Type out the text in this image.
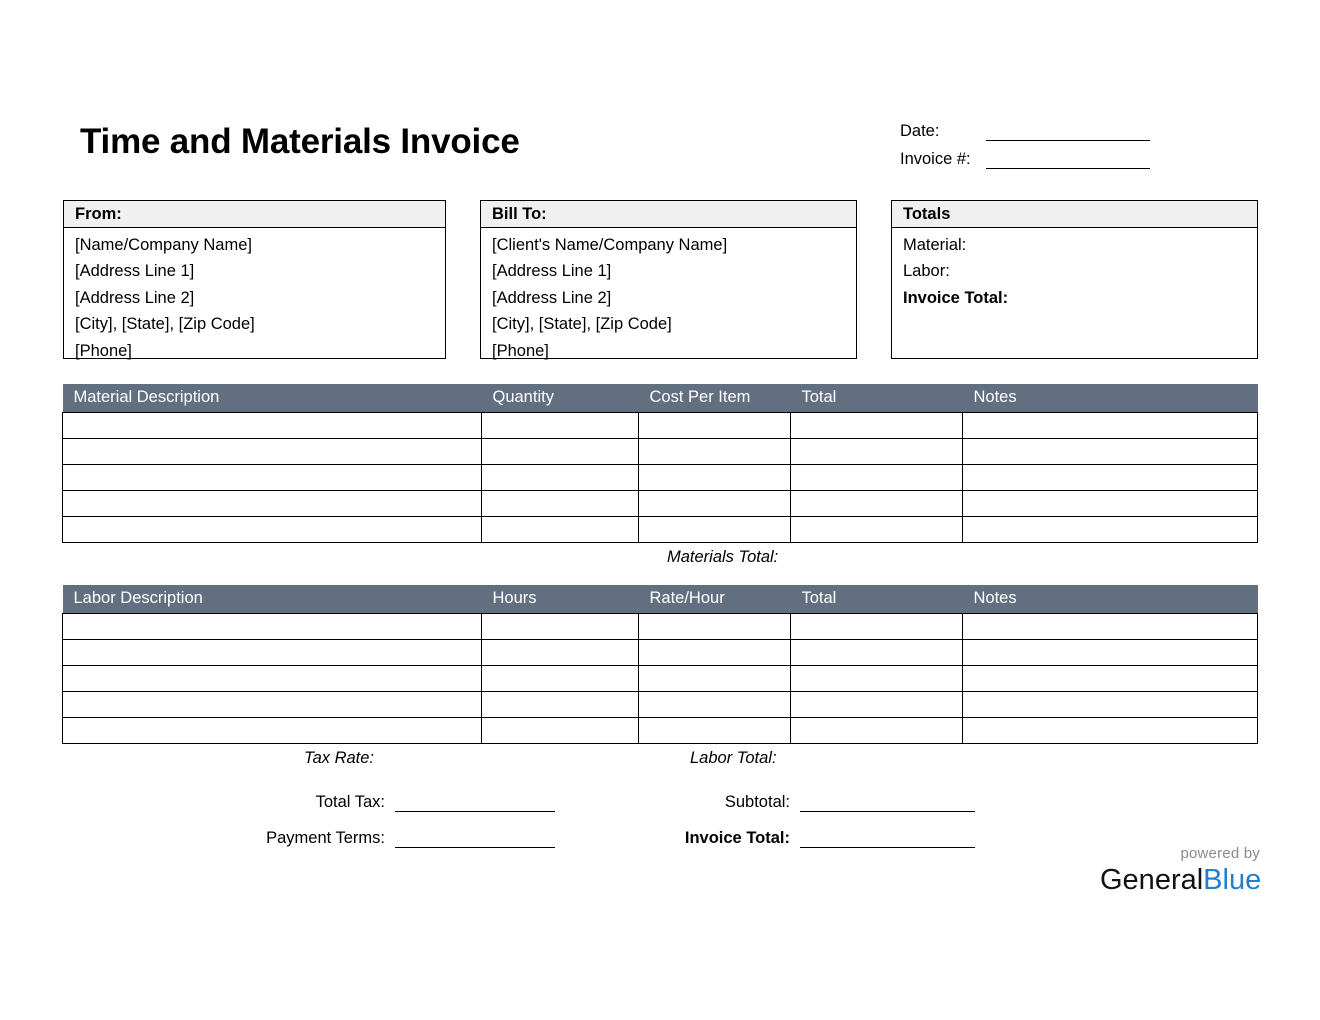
Time and Materials Invoice	Date:
Invoice #:
From:
[Name/Company Name]
[Address Line 1]
[Address Line 2]
[City], [State], [Zip Code]
[Phone]
Bill To:
[Client's Name/Company Name]
[Address Line 1]
[Address Line 2]
[City], [State], [Zip Code]
[Phone]
Totals
Material:
Labor:
Invoice Total:
Material Description	Quantity	Cost Per Item	Total	Notes

Materials Total:
Labor Description	Hours	Rate/Hour	Total	Notes

Tax Rate:	Labor Total:
Total Tax:
Payment Terms:
Subtotal:
Invoice Total:
powered by
GeneralBlue
